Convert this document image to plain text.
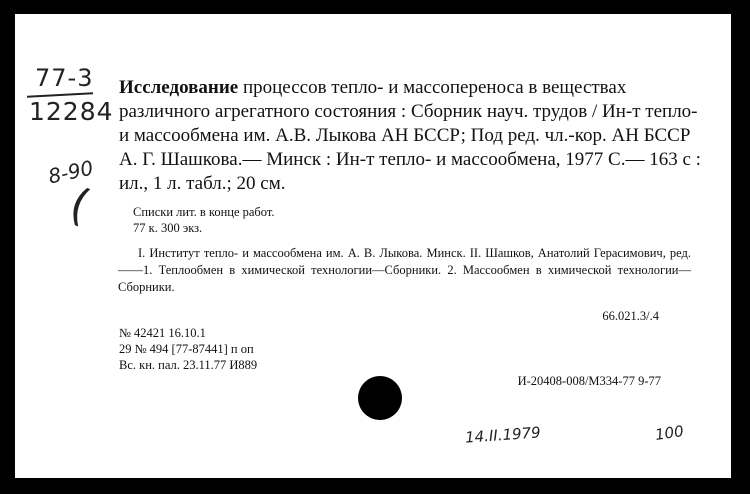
77-3
12284
8-90
(

Исследование процессов тепло- и массопереноса в веществах различного агрегатного состояния : Сборник науч. трудов / Ин-т тепло- и массообмена им. А.В. Лыкова АН БССР; Под ред. чл.-кор. АН БССР А. Г. Шашкова.— Минск : Ин-т тепло- и массообмена, 1977 С.— 163 с : ил., 1 л. табл.; 20 см.

Списки лит. в конце работ.

77 к. 300 экз.

I. Институт тепло- и массообмена им. А. В. Лыкова. Минск. II. Шашков, Анатолий Герасимович, ред.——1. Теплообмен в химической технологии—Сборники. 2. Массообмен в химической технологии—Сборники.

66.021.3/.4

№ 42421 16.10.1

29 № 494 [77-87441] п оп

Вс. кн. пал. 23.11.77 И889

И-20408-008/М334-77 9-77

14.II.1979	100
